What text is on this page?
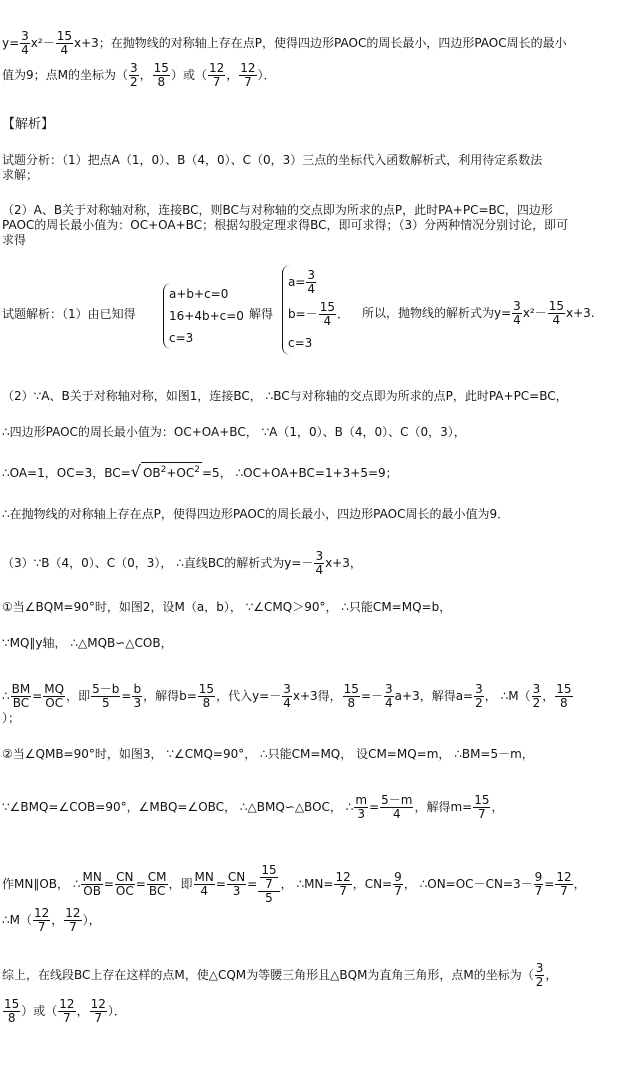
$y= \frac{3}{4} x^2- \frac{15}{4} x+3$；在抛物线的对称轴上存在点P，使得四边形PAOC的周长最小，四边形PAOC周长的最小
值为9；点M的坐标为（ $\frac{3}{2}$ ， $\frac{15}{8}$ ）或（ $\frac{12}{7}$ ， $\frac{12}{7}$ ）．
【解析】
试题分析：（1）把点A（1，0）、B（4，0）、C（0，3）三点的坐标代入函数解析式，利用待定系数法
求解；
（2）A、B关于对称轴对称，连接BC，则BC与对称轴的交点即为所求的点P，此时PA+PC=BC，四边形
PAOC的周长最小值为：OC+OA+BC；根据勾股定理求得BC，即可求得；（3）分两种情况分别讨论，即可
求得
试题解析：（1）由已知得
a+b+c=0
16+4b+c=0
c=3
解得
$a= \frac{3}{4}$
$b=- \frac{15}{4}$ ．
c=3
所以，抛物线的解析式为$y= \frac{3}{4} x^2- \frac{15}{4} x+3$.
（2）∵A、B关于对称轴对称，如图1，连接BC， ∴BC与对称轴的交点即为所求的点P，此时PA+PC=BC，
∴四边形PAOC的周长最小值为：OC+OA+BC， ∵A（1，0）、B（4，0）、C（0，3），
∴OA=1，OC=3，BC=√ $OB^2+OC^2 =5$， ∴OC+OA+BC=1+3+5=9；
∴在抛物线的对称轴上存在点P，使得四边形PAOC的周长最小，四边形PAOC周长的最小值为9．
（3）∵B（4，0）、C（0，3）， ∴直线BC的解析式为$y=- \frac{3}{4} x+3$，
①当∠BQM=90°时，如图2，设M（a，b）， ∵∠CMQ＞90°， ∴只能CM=MQ=b，
∵MQ∥y轴， ∴△MQB∽△COB，
∴ $\frac{BM}{BC} = \frac{MQ}{OC}$ ，即 $\frac{5-b}{5} = \frac{b}{3}$ ，解得$b= \frac{15}{8}$ ，代入$y=- \frac{3}{4} x+3$得， $\frac{15}{8} =- \frac{3}{4} a+3$，解得$a= \frac{3}{2}$ ， ∴M（ $\frac{3}{2}$ ， $\frac{15}{8}$
）；
②当∠QMB=90°时，如图3， ∵∠CMQ=90°， ∴只能CM=MQ， 设CM=MQ=m， ∴BM=5－m，
∵∠BMQ=∠COB=90°，∠MBQ=∠OBC， ∴△BMQ∽△BOC， ∴ $\frac{m}{3} = \frac{5-m}{4}$ ，解得$m= \frac{15}{7}$ ，
作MN∥OB， ∴ $\frac{MN}{OB} = \frac{CN}{OC} = \frac{CM}{BC}$ ，即 $\frac{MN}{4} = \frac{CN}{3} = \frac{\frac{15}{7}}{5}$ ， ∴MN= $\frac{12}{7}$ ，$CN= \frac{9}{7}$ ， ∴ON=OC－CN=3－ $\frac{9}{7} = \frac{12}{7}$ ，
∴M（ $\frac{12}{7}$ ， $\frac{12}{7}$ ），
综上，在线段BC上存在这样的点M，使△CQM为等腰三角形且△BQM为直角三角形，点M的坐标为（ $\frac{3}{2}$ ，
$\frac{15}{8}$ ）或（ $\frac{12}{7}$ ， $\frac{12}{7}$ ）．
